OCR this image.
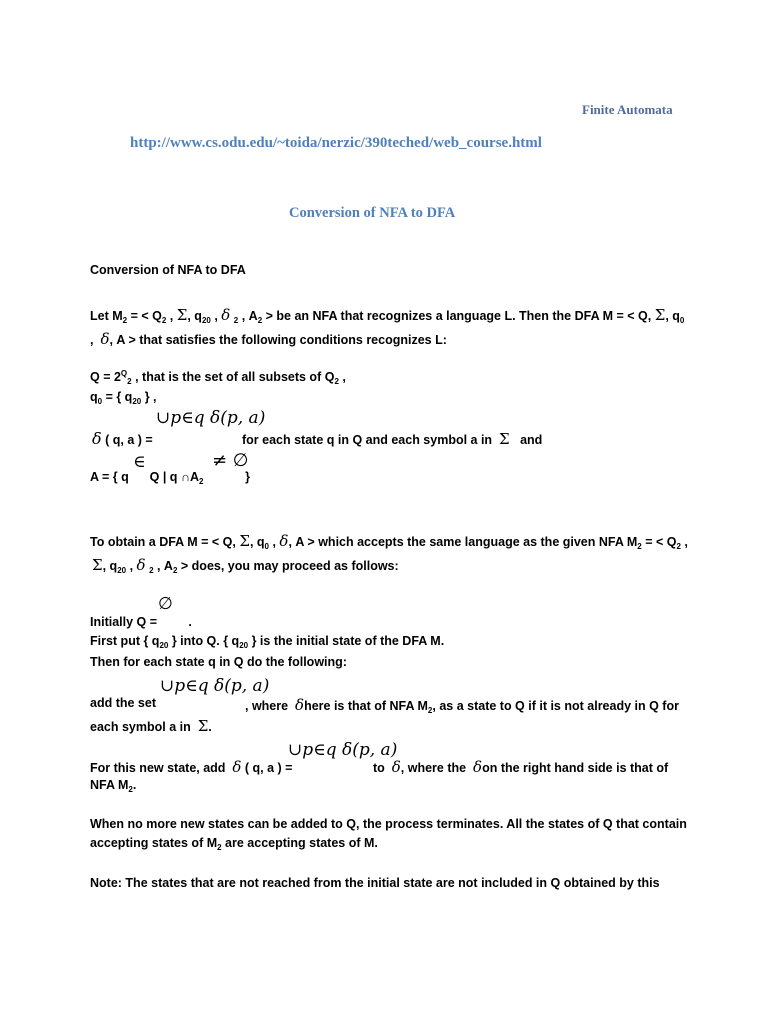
Finite Automata
http://www.cs.odu.edu/~toida/nerzic/390teched/web_course.html
Conversion of NFA to DFA
Conversion of NFA to DFA
Let $M_2$ = < $Q_2$ , Σ, $q_{20}$ , δ $_2$ , $A_2$ > be an NFA that recognizes a language L. Then the DFA M = < Q, Σ, $q_0$
, δ, A > that satisfies the following conditions recognizes L:
$Q = 2^Q_2$ , that is the set of all subsets of $Q_2$ ,
$q_0$ = { $q_{20}$ } ,
∪p∈q δ(p, a)
δ ( q, a ) =	for each state q in Q and each symbol a in Σ and
∈	≠ ∅
A = { q Q | q $\cap A_2$	}
To obtain a DFA M = < Q, Σ, $q_0$ , δ, A > which accepts the same language as the given NFA $M_2$ = < $Q_2$ ,
Σ, $q_{20}$ , δ $_2$ , $A_2$ > does, you may proceed as follows:
∅
Initially Q =	.
First put { $q_{20}$ } into Q. { $q_{20}$ } is the initial state of the DFA M.
Then for each state q in Q do the following:
∪p∈q δ(p, a)
add the set	, where δhere is that of NFA $M_2$, as a state to Q if it is not already in Q for
each symbol a in Σ.
∪p∈q δ(p, a)
For this new state, add δ ( q, a ) =	to δ, where the δon the right hand side is that of
NFA $M_2$.
When no more new states can be added to Q, the process terminates. All the states of Q that contain
accepting states of $M_2$ are accepting states of M.
Note: The states that are not reached from the initial state are not included in Q obtained by this
